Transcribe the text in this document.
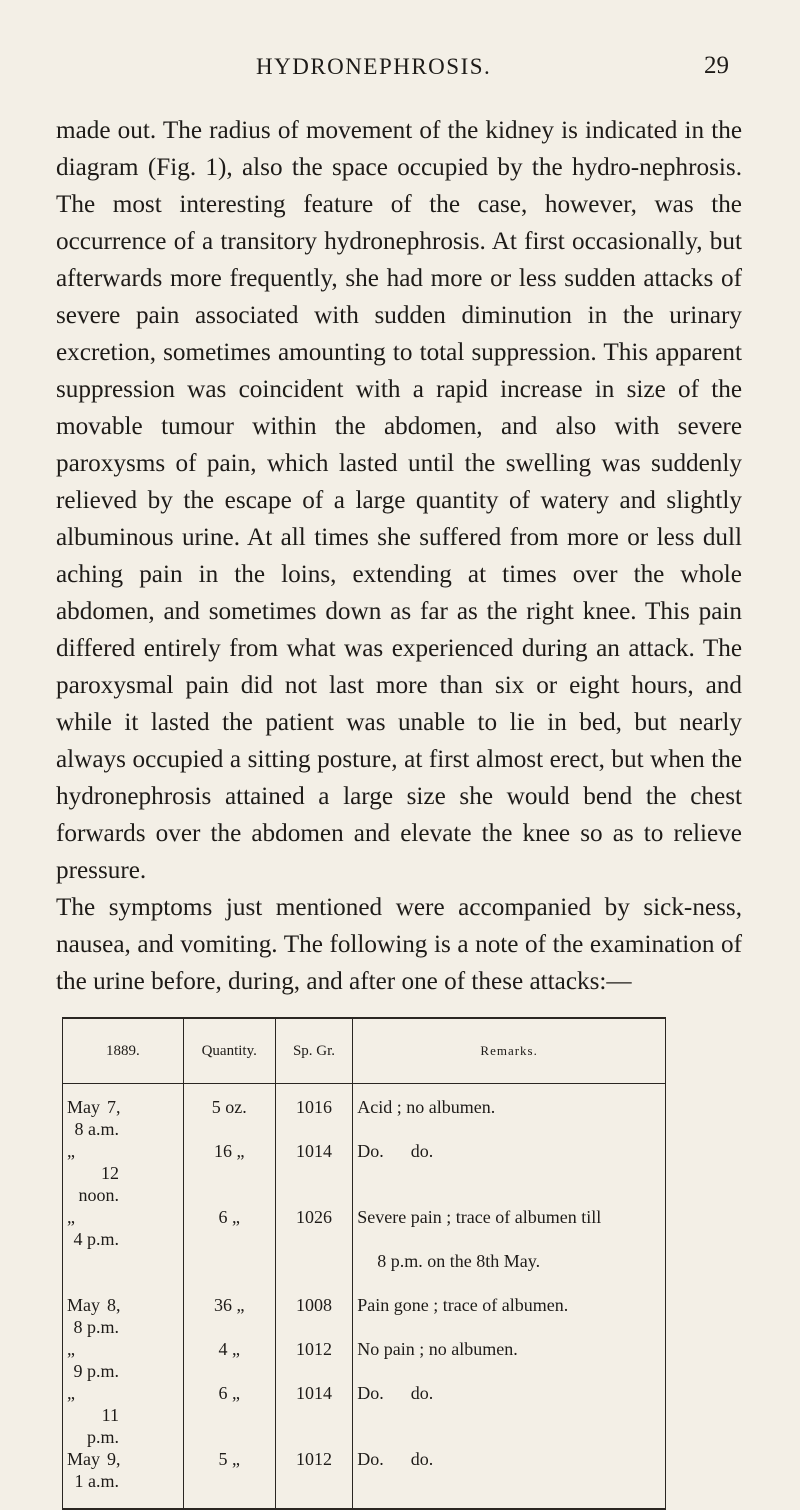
HYDRONEPHROSIS.	29

made out. The radius of movement of the kidney is indicated in the diagram (Fig. 1), also the space occupied by the hydro-nephrosis. The most interesting feature of the case, however, was the occurrence of a transitory hydronephrosis. At first occasionally, but afterwards more frequently, she had more or less sudden attacks of severe pain associated with sudden diminution in the urinary excretion, sometimes amounting to total suppression. This apparent suppression was coincident with a rapid increase in size of the movable tumour within the abdomen, and also with severe paroxysms of pain, which lasted until the swelling was suddenly relieved by the escape of a large quantity of watery and slightly albuminous urine. At all times she suffered from more or less dull aching pain in the loins, extending at times over the whole abdomen, and sometimes down as far as the right knee. This pain differed entirely from what was experienced during an attack. The paroxysmal pain did not last more than six or eight hours, and while it lasted the patient was unable to lie in bed, but nearly always occupied a sitting posture, at first almost erect, but when the hydronephrosis attained a large size she would bend the chest forwards over the abdomen and elevate the knee so as to relieve pressure.

The symptoms just mentioned were accompanied by sick-ness, nausea, and vomiting. The following is a note of the examination of the urine before, during, and after one of these attacks:—

1889.	Quantity.	Sp. Gr.	Remarks.
May 7,8 a.m.	5 oz.	1016	Acid ; no albumen.
„12 noon.	16 „	1014	Do.      do.
„4 p.m.	6 „	1026	Severe pain ; trace of albumen till
			8 p.m. on the 8th May.
May 8,8 p.m.	36 „	1008	Pain gone ; trace of albumen.
„9 p.m.	4 „	1012	No pain ; no albumen.
„11 p.m.	6 „	1014	Do.      do.
May 9,1 a.m.	5 „	1012	Do.      do.
